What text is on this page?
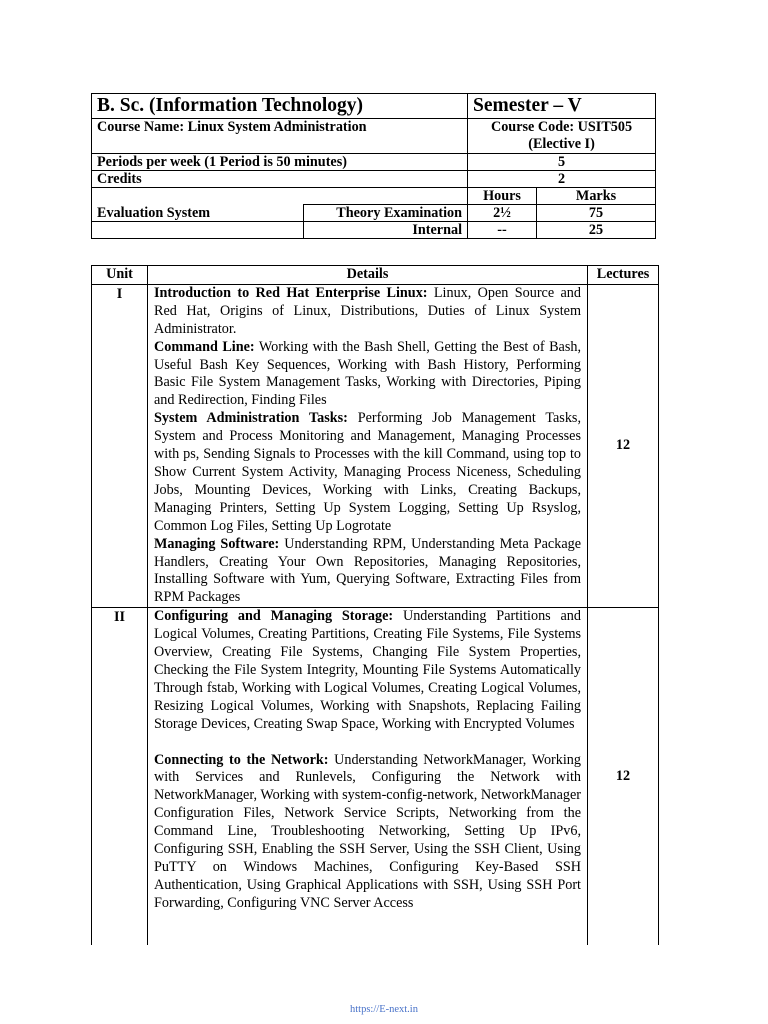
B. Sc. (Information Technology)		Semester – V	
Course Name: Linux System Administration		Course Code: USIT505
(Elective I)	

Periods per week (1 Period is 50 minutes)		5	
Credits		2	
		Hours	Marks
Evaluation System	Theory Examination	2½	75
	Internal	--	25
Unit	Details	Lectures
I	Introduction to Red Hat Enterprise Linux: Linux, Open Source and Red Hat, Origins of Linux, Distributions, Duties of Linux System Administrator.

Command Line: Working with the Bash Shell, Getting the Best of Bash, Useful Bash Key Sequences, Working with Bash History, Performing Basic File System Management Tasks, Working with Directories, Piping and Redirection, Finding Files

System Administration Tasks: Performing Job Management Tasks, System and Process Monitoring and Management, Managing Processes with ps, Sending Signals to Processes with the kill Command, using top to Show Current System Activity, Managing Process Niceness, Scheduling Jobs, Mounting Devices, Working with Links, Creating Backups, Managing Printers, Setting Up System Logging, Setting Up Rsyslog, Common Log Files, Setting Up Logrotate

Managing Software: Understanding RPM, Understanding Meta Package Handlers, Creating Your Own Repositories, Managing Repositories, Installing Software with Yum, Querying Software, Extracting Files from RPM Packages	12
II	Configuring and Managing Storage: Understanding Partitions and Logical Volumes, Creating Partitions, Creating File Systems, File Systems Overview, Creating File Systems, Changing File System Properties, Checking the File System Integrity, Mounting File Systems Automatically Through fstab, Working with Logical Volumes, Creating Logical Volumes, Resizing Logical Volumes, Working with Snapshots, Replacing Failing Storage Devices, Creating Swap Space, Working with Encrypted Volumes

Connecting to the Network: Understanding NetworkManager, Working with Services and Runlevels, Configuring the Network with NetworkManager, Working with system-config-network, NetworkManager Configuration Files, Network Service Scripts, Networking from the Command Line, Troubleshooting Networking, Setting Up IPv6, Configuring SSH, Enabling the SSH Server, Using the SSH Client, Using PuTTY on Windows Machines, Configuring Key-Based SSH Authentication, Using Graphical Applications with SSH, Using SSH Port Forwarding, Configuring VNC Server Access	12
https://E-next.in
